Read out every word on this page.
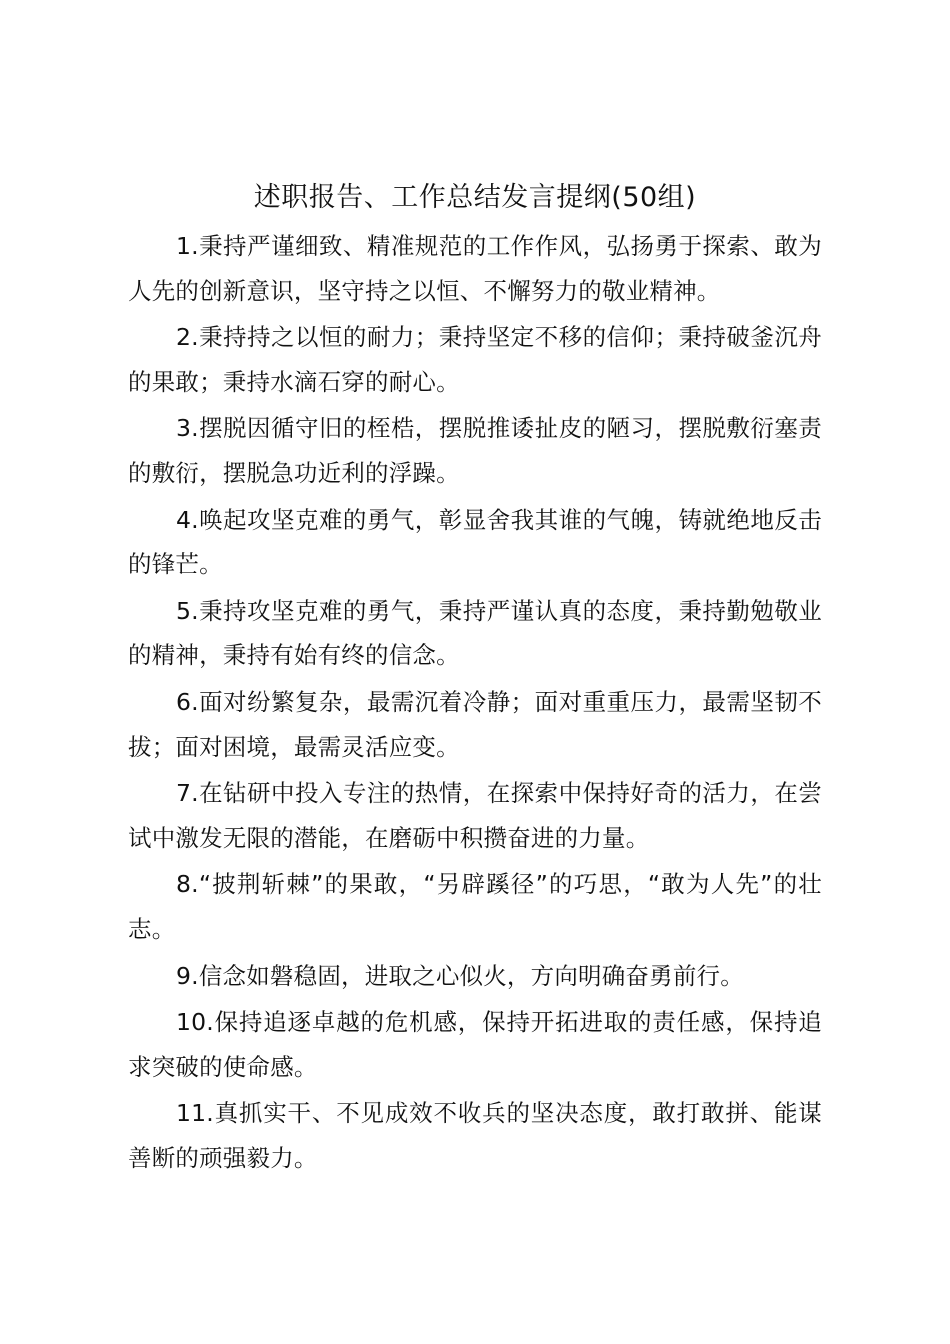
述职报告、工作总结发言提纲(50组)

1.秉持严谨细致、精准规范的工作作风，弘扬勇于探索、敢为人先的创新意识，坚守持之以恒、不懈努力的敬业精神。

2.秉持持之以恒的耐力；秉持坚定不移的信仰；秉持破釜沉舟的果敢；秉持水滴石穿的耐心。

3.摆脱因循守旧的桎梏，摆脱推诿扯皮的陋习，摆脱敷衍塞责的敷衍，摆脱急功近利的浮躁。

4.唤起攻坚克难的勇气，彰显舍我其谁的气魄，铸就绝地反击的锋芒。

5.秉持攻坚克难的勇气，秉持严谨认真的态度，秉持勤勉敬业的精神，秉持有始有终的信念。

6.面对纷繁复杂，最需沉着冷静；面对重重压力，最需坚韧不拔；面对困境，最需灵活应变。

7.在钻研中投入专注的热情，在探索中保持好奇的活力，在尝试中激发无限的潜能，在磨砺中积攒奋进的力量。

8.“披荆斩棘”的果敢，“另辟蹊径”的巧思，“敢为人先”的壮志。

9.信念如磐稳固，进取之心似火，方向明确奋勇前行。

10.保持追逐卓越的危机感，保持开拓进取的责任感，保持追求突破的使命感。

11.真抓实干、不见成效不收兵的坚决态度，敢打敢拼、能谋善断的顽强毅力。
